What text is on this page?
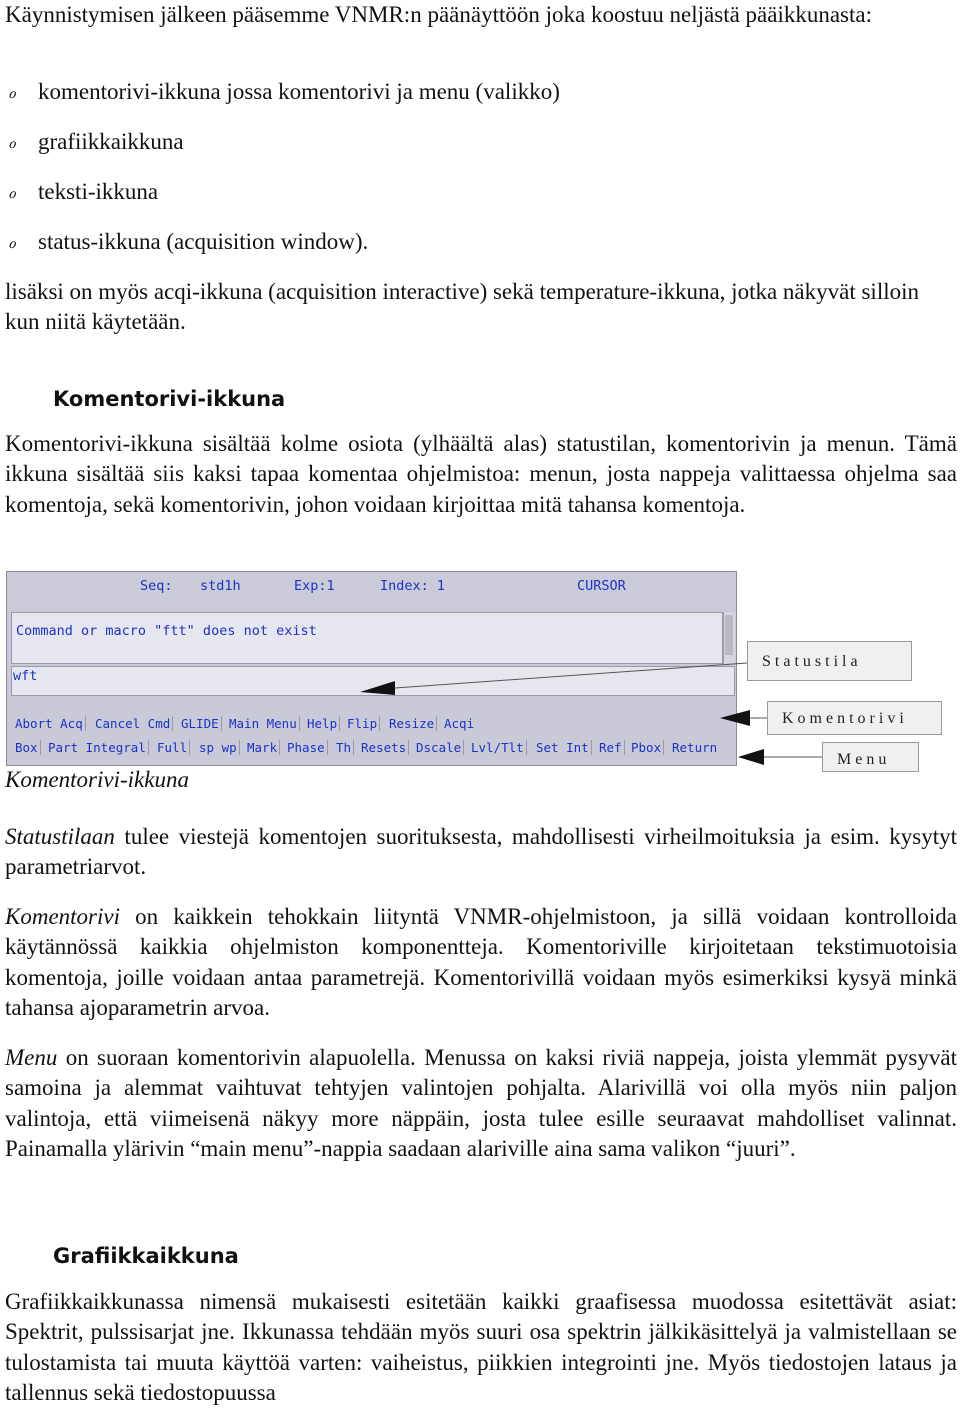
Käynnistymisen jälkeen pääsemme VNMR:n päänäyttöön joka koostuu neljästä pääikkunasta:

ℴ komentorivi-ikkuna jossa komentorivi ja menu (valikko)
ℴ grafiikkaikkuna
ℴ teksti-ikkuna
ℴ status-ikkuna (acquisition window).

lisäksi on myös acqi-ikkuna (acquisition interactive) sekä temperature-ikkuna, jotka näkyvät silloin kun niitä käytetään.

Komentorivi-ikkuna

Komentorivi-ikkuna sisältää kolme osiota (ylhäältä alas) statustilan, komentorivin ja menun. Tämä ikkuna sisältää siis kaksi tapaa komentaa ohjelmistoa: menun, josta nappeja valittaessa ohjelma saa komentoja, sekä komentorivin, johon voidaan kirjoittaa mitä tahansa komentoja.

Seq: std1h	Exp:1	Index: 1	CURSOR
Command or macro "ftt" does not exist
wft
Abort Acq Cancel Cmd GLIDE Main Menu Help Flip Resize Acqi
Box Part Integral Full sp wp Mark Phase Th Resets Dscale Lvl/Tlt Set Int Ref Pbox Return
Statustila
Komentorivi
Menu
Komentorivi-ikkuna

Statustilaan tulee viestejä komentojen suorituksesta, mahdollisesti virheilmoituksia ja esim. kysytyt parametriarvot.

Komentorivi on kaikkein tehokkain liityntä VNMR-ohjelmistoon, ja sillä voidaan kontrolloida käytännössä kaikkia ohjelmiston komponentteja. Komentoriville kirjoitetaan tekstimuotoisia komentoja, joille voidaan antaa parametrejä. Komentorivillä voidaan myös esimerkiksi kysyä minkä tahansa ajoparametrin arvoa.

Menu on suoraan komentorivin alapuolella. Menussa on kaksi riviä nappeja, joista ylemmät pysyvät samoina ja alemmat vaihtuvat tehtyjen valintojen pohjalta. Alarivillä voi olla myös niin paljon valintoja, että viimeisenä näkyy more näppäin, josta tulee esille seuraavat mahdolliset valinnat. Painamalla ylärivin “main menu”-nappia saadaan alariville aina sama valikon “juuri”.

Grafiikkaikkuna

Grafiikkaikkunassa nimensä mukaisesti esitetään kaikki graafisessa muodossa esitettävät asiat: Spektrit, pulssisarjat jne. Ikkunassa tehdään myös suuri osa spektrin jälkikäsittelyä ja valmistellaan se tulostamista tai muuta käyttöä varten: vaiheistus, piikkien integrointi jne. Myös tiedostojen lataus ja tallennus sekä tiedostopuussa
